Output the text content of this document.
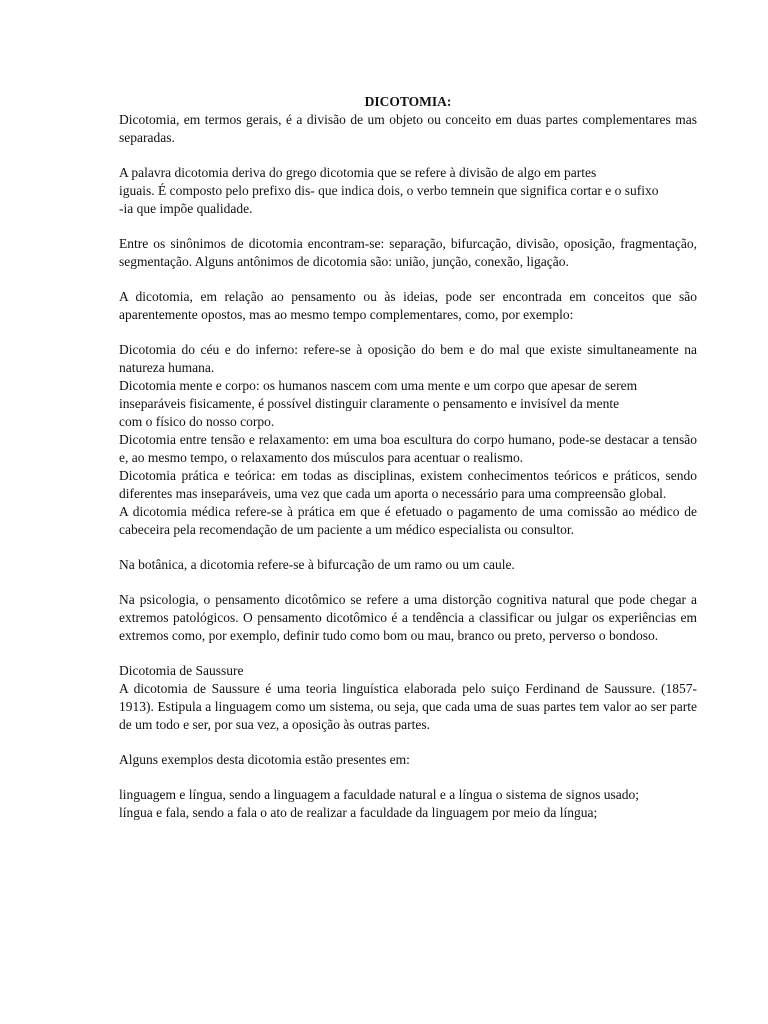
DICOTOMIA:

Dicotomia, em termos gerais, é a divisão de um objeto ou conceito em duas partes complementares mas separadas.

A palavra dicotomia deriva do grego dicotomia que se refere à divisão de algo em partes

iguais. É composto pelo prefixo dis- que indica dois, o verbo temnein que significa cortar e o sufixo

-ia que impõe qualidade.

Entre os sinônimos de dicotomia encontram-se: separação, bifurcação, divisão, oposição, fragmentação, segmentação. Alguns antônimos de dicotomia são: união, junção, conexão, ligação.

A dicotomia, em relação ao pensamento ou às ideias, pode ser encontrada em conceitos que são aparentemente opostos, mas ao mesmo tempo complementares, como, por exemplo:

Dicotomia do céu e do inferno: refere-se à oposição do bem e do mal que existe simultaneamente na natureza humana.

Dicotomia mente e corpo: os humanos nascem com uma mente e um corpo que apesar de serem

inseparáveis fisicamente, é possível distinguir claramente o pensamento e invisível da mente

com o físico do nosso corpo.

Dicotomia entre tensão e relaxamento: em uma boa escultura do corpo humano, pode-se destacar a tensão e, ao mesmo tempo, o relaxamento dos músculos para acentuar o realismo.

Dicotomia prática e teórica: em todas as disciplinas, existem conhecimentos teóricos e práticos, sendo diferentes mas inseparáveis, uma vez que cada um aporta o necessário para uma compreensão global.

A dicotomia médica refere-se à prática em que é efetuado o pagamento de uma comissão ao médico de cabeceira pela recomendação de um paciente a um médico especialista ou consultor.

Na botânica, a dicotomia refere-se à bifurcação de um ramo ou um caule.

Na psicologia, o pensamento dicotômico se refere a uma distorção cognitiva natural que pode chegar a extremos patológicos. O pensamento dicotômico é a tendência a classificar ou julgar os experiências em extremos como, por exemplo, definir tudo como bom ou mau, branco ou preto, perverso o bondoso.

Dicotomia de Saussure

A dicotomia de Saussure é uma teoria linguística elaborada pelo suiço Ferdinand de Saussure. (1857-1913). Estipula a linguagem como um sistema, ou seja, que cada uma de suas partes tem valor ao ser parte de um todo e ser, por sua vez, a oposição às outras partes.

Alguns exemplos desta dicotomia estão presentes em:

linguagem e língua, sendo a linguagem a faculdade natural e a língua o sistema de signos usado;

língua e fala, sendo a fala o ato de realizar a faculdade da linguagem por meio da língua;
